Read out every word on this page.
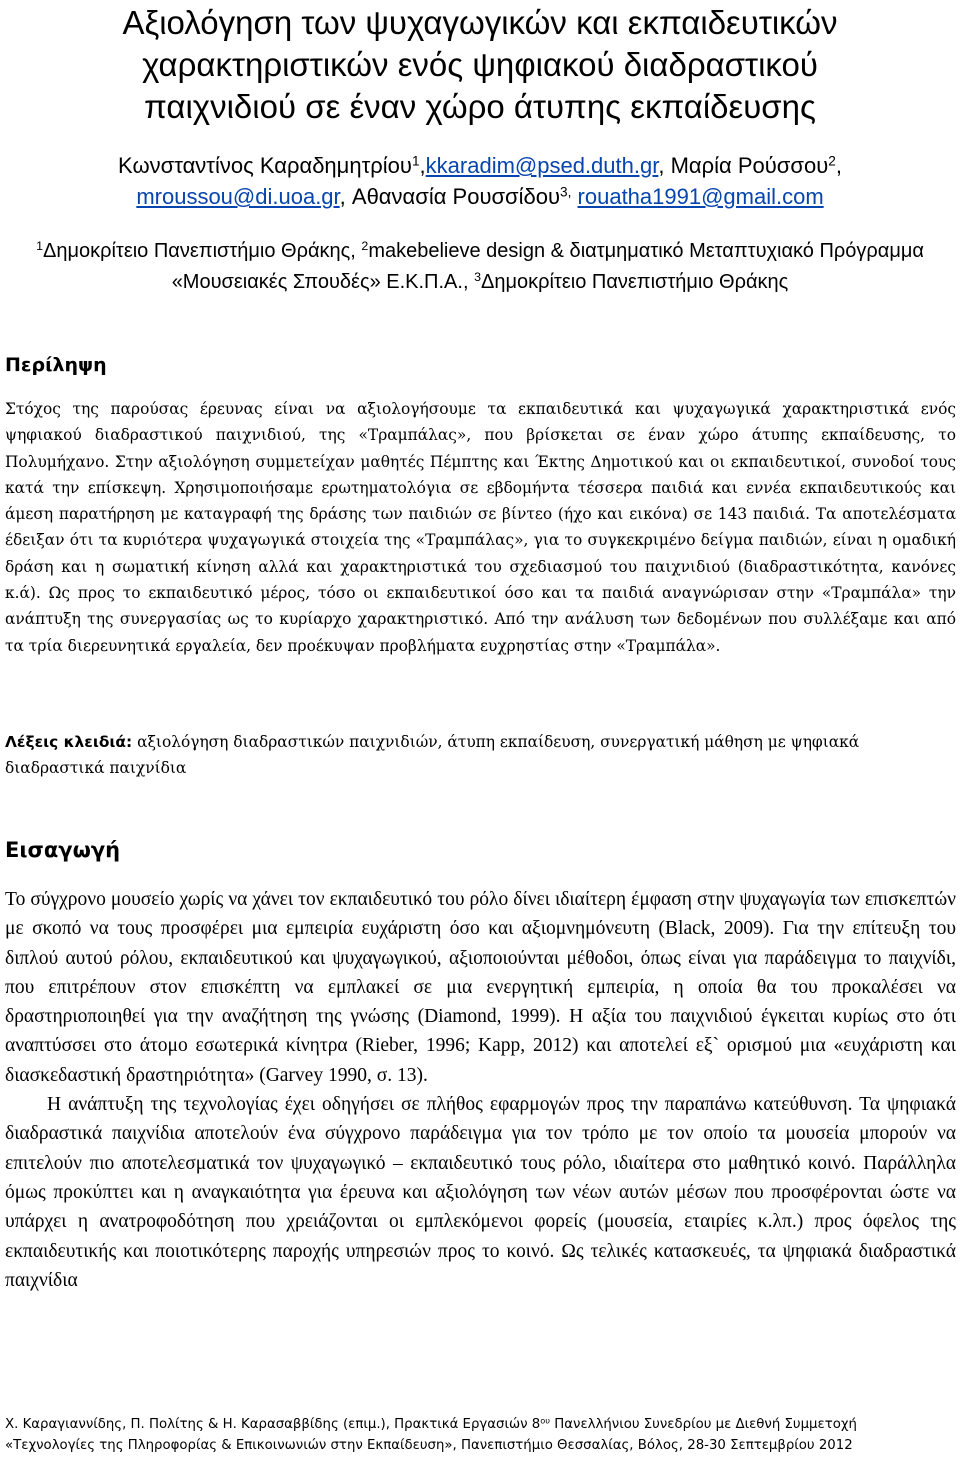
Αξιολόγηση των ψυχαγωγικών και εκπαιδευτικών
χαρακτηριστικών ενός ψηφιακού διαδραστικού
παιχνιδιού σε έναν χώρο άτυπης εκπαίδευσης
Κωνσταντίνος Καραδημητρίου$^1$,kkaradim@psed.duth.gr, Μαρία Ρούσσου$^2$,
mroussou@di.uoa.gr, Αθανασία Ρουσσίδου$^{3,}$ rouatha1991@gmail.com
$^1$Δημοκρίτειο Πανεπιστήμιο Θράκης, $^2$makebelieve design & διατμηματικό Μεταπτυχιακό Πρόγραμμα «Μουσειακές Σπουδές» Ε.Κ.Π.Α., $^3$Δημοκρίτειο Πανεπιστήμιο Θράκης
Περίληψη

Στόχος της παρούσας έρευνας είναι να αξιολογήσουμε τα εκπαιδευτικά και ψυχαγωγικά χαρακτηριστικά ενός ψηφιακού διαδραστικού παιχνιδιού, της «Τραμπάλας», που βρίσκεται σε έναν χώρο άτυπης εκπαίδευσης, το Πολυμήχανο. Στην αξιολόγηση συμμετείχαν μαθητές Πέμπτης και Έκτης Δημοτικού και οι εκπαιδευτικοί, συνοδοί τους κατά την επίσκεψη. Χρησιμοποιήσαμε ερωτηματολόγια σε εβδομήντα τέσσερα παιδιά και εννέα εκπαιδευτικούς και άμεση παρατήρηση με καταγραφή της δράσης των παιδιών σε βίντεο (ήχο και εικόνα) σε 143 παιδιά. Τα αποτελέσματα έδειξαν ότι τα κυριότερα ψυχαγωγικά στοιχεία της «Τραμπάλας», για το συγκεκριμένο δείγμα παιδιών, είναι η ομαδική δράση και η σωματική κίνηση αλλά και χαρακτηριστικά του σχεδιασμού του παιχνιδιού (διαδραστικότητα, κανόνες κ.ά). Ως προς το εκπαιδευτικό μέρος, τόσο οι εκπαιδευτικοί όσο και τα παιδιά αναγνώρισαν στην «Τραμπάλα» την ανάπτυξη της συνεργασίας ως το κυρίαρχο χαρακτηριστικό. Από την ανάλυση των δεδομένων που συλλέξαμε και από τα τρία διερευνητικά εργαλεία, δεν προέκυψαν προβλήματα ευχρηστίας στην «Τραμπάλα».

Λέξεις κλειδιά: αξιολόγηση διαδραστικών παιχνιδιών, άτυπη εκπαίδευση, συνεργατική μάθηση με ψηφιακά διαδραστικά παιχνίδια

Εισαγωγή

Το σύγχρονο μουσείο χωρίς να χάνει τον εκπαιδευτικό του ρόλο δίνει ιδιαίτερη έμφαση στην ψυχαγωγία των επισκεπτών με σκοπό να τους προσφέρει μια εμπειρία ευχάριστη όσο και αξιομνημόνευτη (Black, 2009). Για την επίτευξη του διπλού αυτού ρόλου, εκπαιδευτικού και ψυχαγωγικού, αξιοποιούνται μέθοδοι, όπως είναι για παράδειγμα το παιχνίδι, που επιτρέπουν στον επισκέπτη να εμπλακεί σε μια ενεργητική εμπειρία, η οποία θα του προκαλέσει να δραστηριοποιηθεί για την αναζήτηση της γνώσης (Diamond, 1999). Η αξία του παιχνιδιού έγκειται κυρίως στο ότι αναπτύσσει στο άτομο εσωτερικά κίνητρα (Rieber, 1996; Kapp, 2012) και αποτελεί εξ` ορισμού μια «ευχάριστη και διασκεδαστική δραστηριότητα» (Garvey 1990, σ. 13).

Η ανάπτυξη της τεχνολογίας έχει οδηγήσει σε πλήθος εφαρμογών προς την παραπάνω κατεύθυνση. Τα ψηφιακά διαδραστικά παιχνίδια αποτελούν ένα σύγχρονο παράδειγμα για τον τρόπο με τον οποίο τα μουσεία μπορούν να επιτελούν πιο αποτελεσματικά τον ψυχαγωγικό – εκπαιδευτικό τους ρόλο, ιδιαίτερα στο μαθητικό κοινό. Παράλληλα όμως προκύπτει και η αναγκαιότητα για έρευνα και αξιολόγηση των νέων αυτών μέσων που προσφέρονται ώστε να υπάρχει η ανατροφοδότηση που χρειάζονται οι εμπλεκόμενοι φορείς (μουσεία, εταιρίες κ.λπ.) προς όφελος της εκπαιδευτικής και ποιοτικότερης παροχής υπηρεσιών προς το κοινό. Ως τελικές κατασκευές, τα ψηφιακά διαδραστικά παιχνίδια

Χ. Καραγιαννίδης, Π. Πολίτης & Η. Καρασαββίδης (επιμ.), Πρακτικά Εργασιών $8^{o\upsilon}$ Πανελλήνιου Συνεδρίου με Διεθνή Συμμετοχή
«Τεχνολογίες της Πληροφορίας & Επικοινωνιών στην Εκπαίδευση», Πανεπιστήμιο Θεσσαλίας, Βόλος, 28-30 Σεπτεμβρίου 2012
